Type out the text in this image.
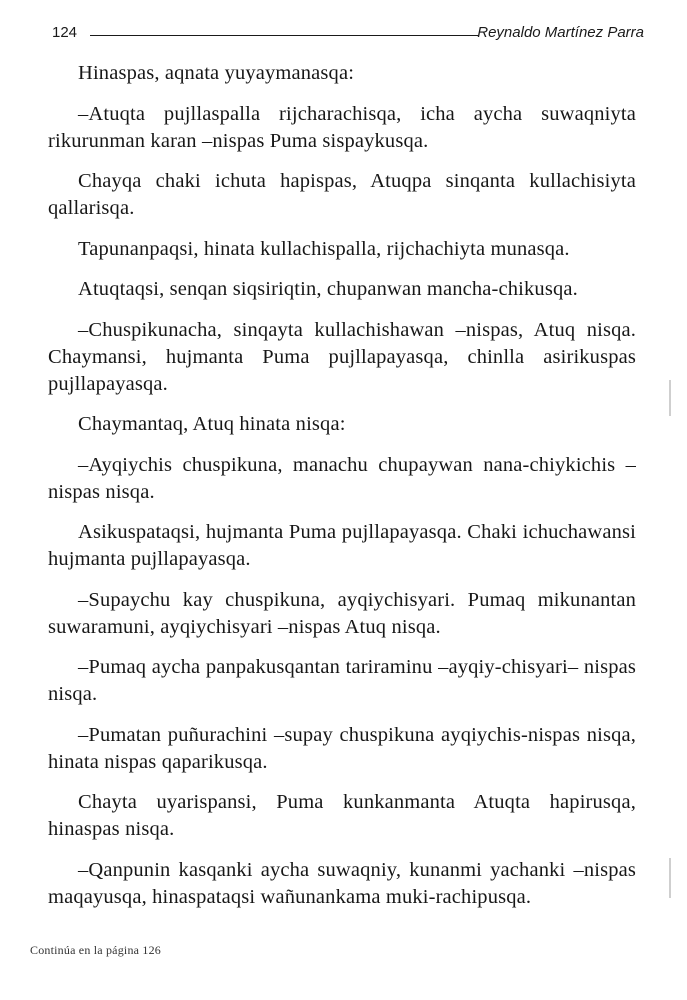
124	Reynaldo Martínez Parra

Hinaspas, aqnata yuyaymanasqa:

–Atuqta pujllaspalla rijcharachisqa, icha aycha suwaqniyta rikurunman karan –nispas Puma sispaykusqa.

Chayqa chaki ichuta hapispas, Atuqpa sinqanta kullachisiyta qallarisqa.

Tapunanpaqsi, hinata kullachispalla, rijchachiyta munasqa.

Atuqtaqsi, senqan siqsiriqtin, chupanwan mancha-chikusqa.

–Chuspikunacha, sinqayta kullachishawan –nispas, Atuq nisqa. Chaymansi, hujmanta Puma pujllapayasqa, chinlla asirikuspas pujllapayasqa.

Chaymantaq, Atuq hinata nisqa:

–Ayqiychis chuspikuna, manachu chupaywan nana-chiykichis –nispas nisqa.

Asikuspataqsi, hujmanta Puma pujllapayasqa. Chaki ichuchawansi hujmanta pujllapayasqa.

–Supaychu kay chuspikuna, ayqiychisyari. Pumaq mikunantan suwaramuni, ayqiychisyari –nispas Atuq nisqa.

–Pumaq aycha panpakusqantan tariraminu –ayqiy-chisyari– nispas nisqa.

–Pumatan puñurachini –supay chuspikuna ayqiychis-nispas nisqa, hinata nispas qaparikusqa.

Chayta uyarispansi, Puma kunkanmanta Atuqta hapirusqa, hinaspas nisqa.

–Qanpunin kasqanki aycha suwaqniy, kunanmi yachanki –nispas maqayusqa, hinaspataqsi wañunankama muki-rachipusqa.

Continúa en la página 126
